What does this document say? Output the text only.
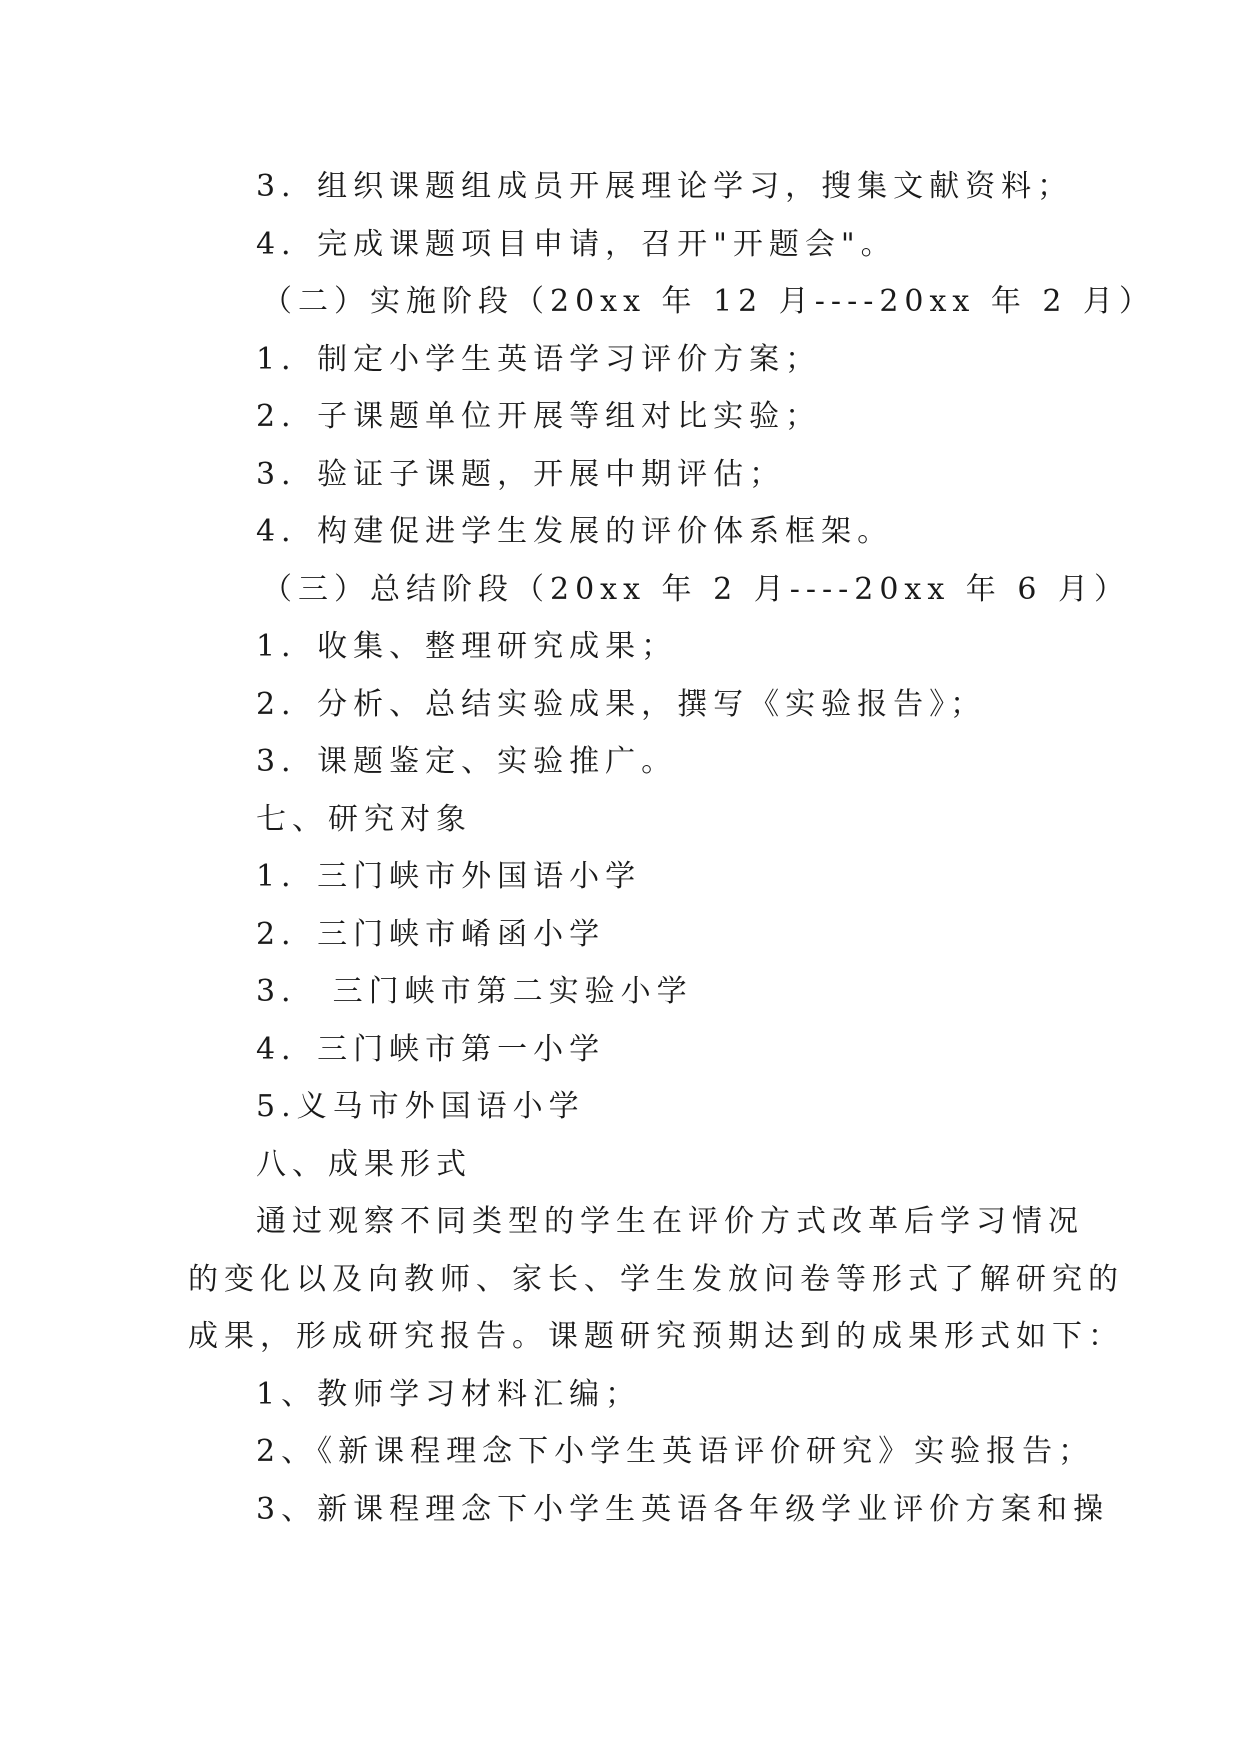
3．组织课题组成员开展理论学习，搜集文献资料；
4．完成课题项目申请，召开"开题会"。
（二）实施阶段（20xx 年 12 月----20xx 年 2 月）
1．制定小学生英语学习评价方案；
2．子课题单位开展等组对比实验；
3．验证子课题，开展中期评估；
4．构建促进学生发展的评价体系框架。
（三）总结阶段（20xx 年 2 月----20xx 年 6 月）
1．收集、整理研究成果；
2．分析、总结实验成果，撰写《实验报告》；
3．课题鉴定、实验推广。
七、研究对象
1．三门峡市外国语小学
2．三门峡市崤函小学
3． 三门峡市第二实验小学
4．三门峡市第一小学
5.义马市外国语小学
八、成果形式
通过观察不同类型的学生在评价方式改革后学习情况
的变化以及向教师、家长、学生发放问卷等形式了解研究的
成果，形成研究报告。课题研究预期达到的成果形式如下：
1、教师学习材料汇编；
2、《新课程理念下小学生英语评价研究》实验报告；
3、新课程理念下小学生英语各年级学业评价方案和操
